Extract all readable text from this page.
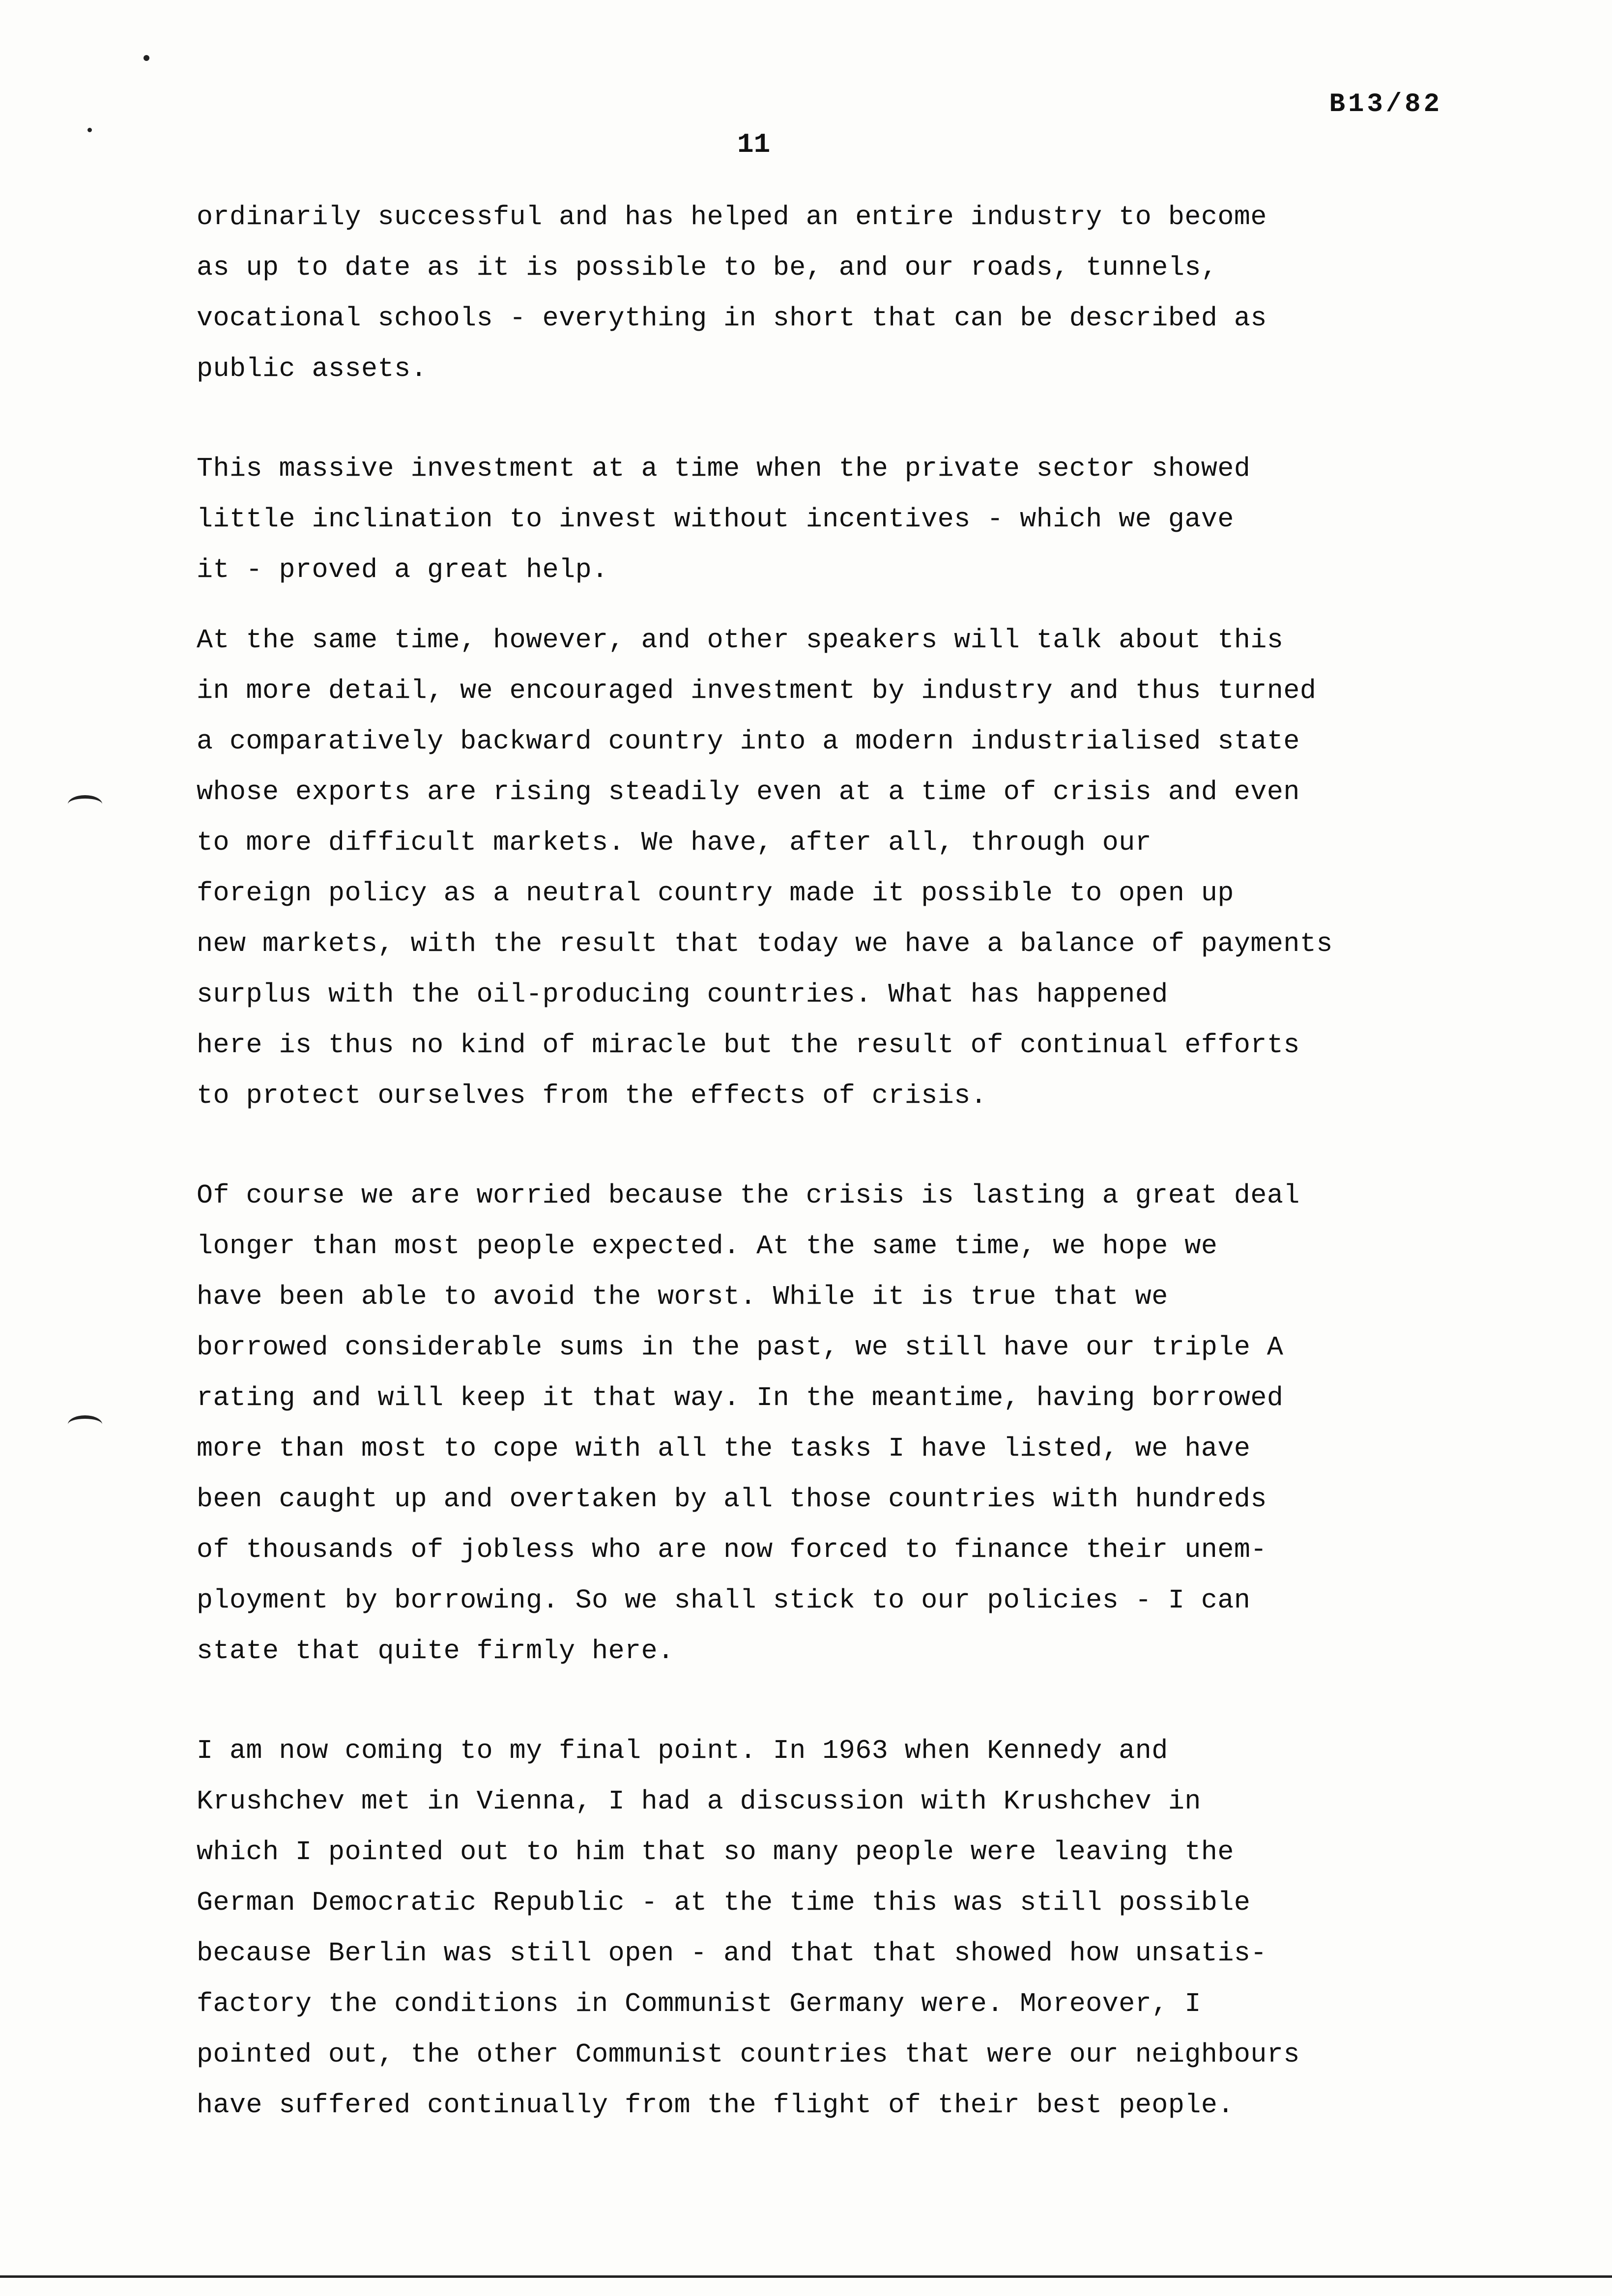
B13/82
11
ordinarily successful and has helped an entire industry to become
as up to date as it is possible to be, and our roads, tunnels,
vocational schools - everything in short that can be described as
public assets.
This massive investment at a time when the private sector showed
little inclination to invest without incentives - which we gave
it - proved a great help.
At the same time, however, and other speakers will talk about this
in more detail, we encouraged investment by industry and thus turned
a comparatively backward country into a modern industrialised state
whose exports are rising steadily even at a time of crisis and even
to more difficult markets. We have, after all, through our
foreign policy as a neutral country made it possible to open up
new markets, with the result that today we have a balance of payments
surplus with the oil-producing countries. What has happened
here is thus no kind of miracle but the result of continual efforts
to protect ourselves from the effects of crisis.
Of course we are worried because the crisis is lasting a great deal
longer than most people expected. At the same time, we hope we
have been able to avoid the worst. While it is true that we
borrowed considerable sums in the past, we still have our triple A
rating and will keep it that way. In the meantime, having borrowed
more than most to cope with all the tasks I have listed, we have
been caught up and overtaken by all those countries with hundreds
of thousands of jobless who are now forced to finance their unem-
ployment by borrowing. So we shall stick to our policies - I can
state that quite firmly here.
I am now coming to my final point. In 1963 when Kennedy and
Krushchev met in Vienna, I had a discussion with Krushchev in
which I pointed out to him that so many people were leaving the
German Democratic Republic - at the time this was still possible
because Berlin was still open - and that that showed how unsatis-
factory the conditions in Communist Germany were. Moreover, I
pointed out, the other Communist countries that were our neighbours
have suffered continually from the flight of their best people.
